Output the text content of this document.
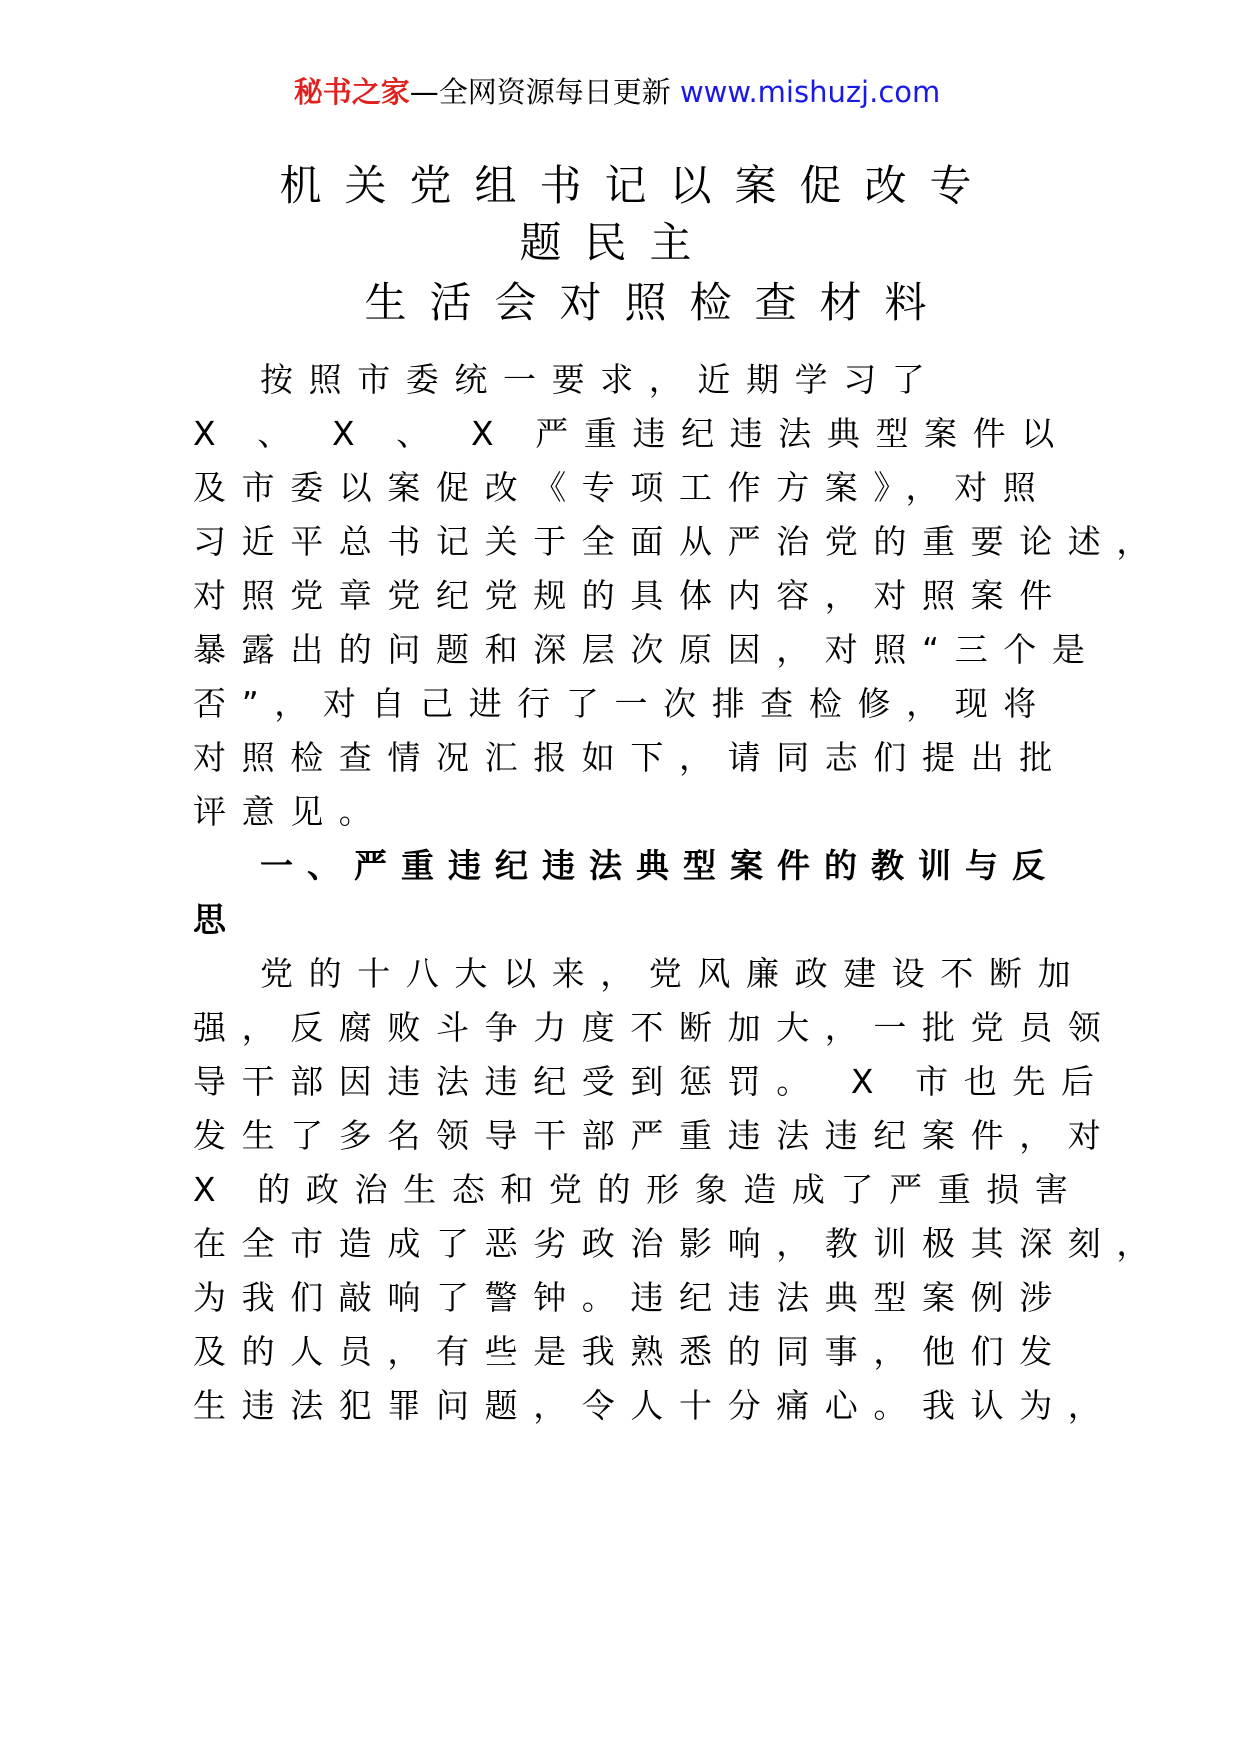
秘书之家—全网资源每日更新 www.mishuzj.com
机关党组书记以案促改专
题民主
生活会对照检查材料
按照市委统一要求，近期学习了
X 、 X 、 X 严重违纪违法典型案件以
及市委以案促改《专项工作方案》，对照
习近平总书记关于全面从严治党的重要论述，
对照党章党纪党规的具体内容，对照案件
暴露出的问题和深层次原因，对照“三个是
否”，对自己进行了一次排查检修，现将
对照检查情况汇报如下，请同志们提出批
评意见。
一、严重违纪违法典型案件的教训与反
思
党的十八大以来，党风廉政建设不断加
强，反腐败斗争力度不断加大，一批党员领
导干部因违法违纪受到惩罚。 X 市也先后
发生了多名领导干部严重违法违纪案件，对
X 的政治生态和党的形象造成了严重损害
在全市造成了恶劣政治影响，教训极其深刻，
为我们敲响了警钟。违纪违法典型案例涉
及的人员，有些是我熟悉的同事，他们发
生违法犯罪问题，令人十分痛心。我认为，
